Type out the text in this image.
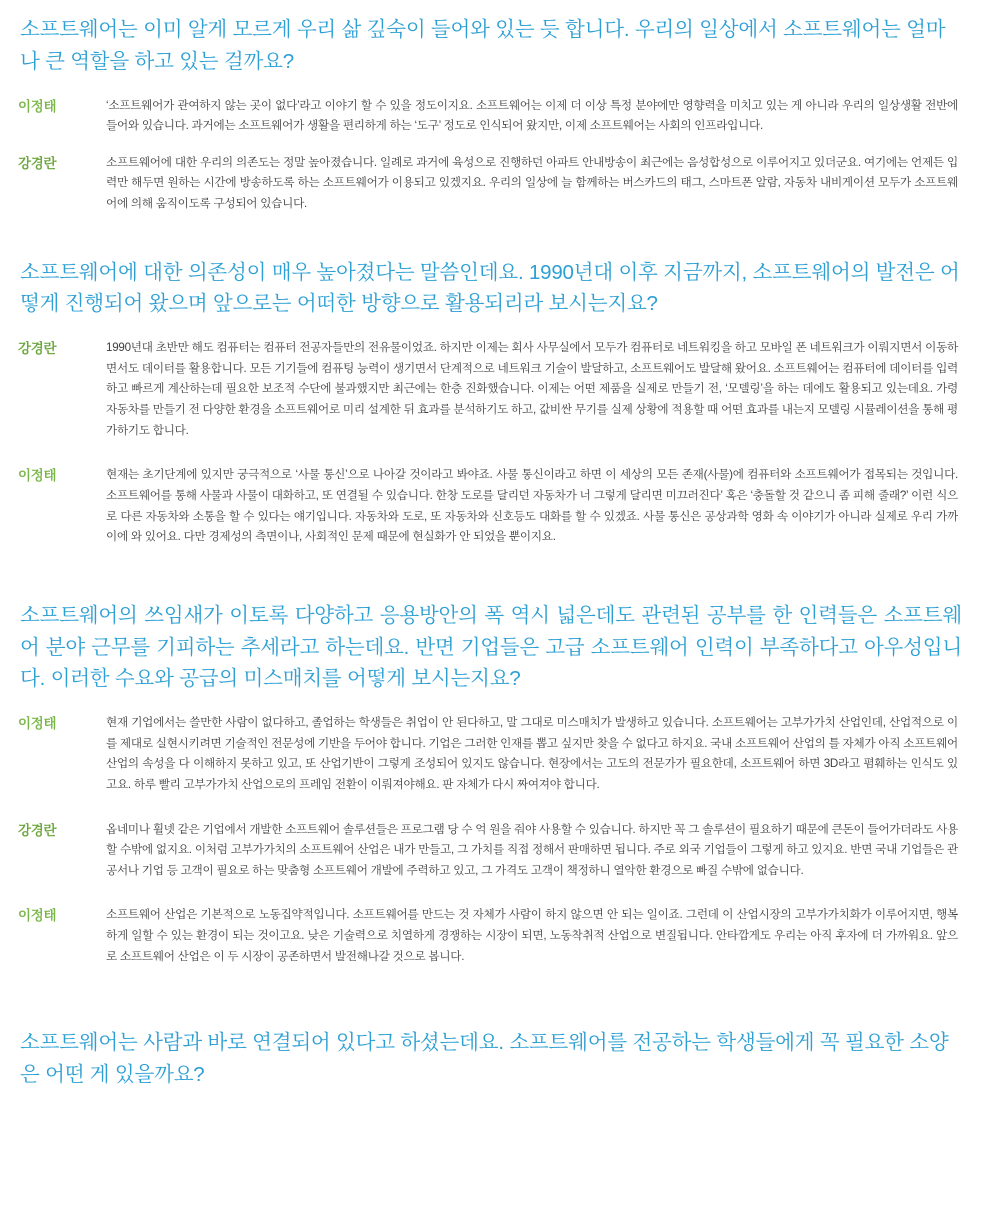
소프트웨어는 이미 알게 모르게 우리 삶 깊숙이 들어와 있는 듯 합니다. 우리의 일상에서 소프트웨어는 얼마나 큰 역할을 하고 있는 걸까요?

이정태	‘소프트웨어가 관여하지 않는 곳이 없다’라고 이야기 할 수 있을 정도이지요. 소프트웨어는 이제 더 이상 특정 분야에만 영향력을 미치고 있는 게 아니라 우리의 일상생활 전반에 들어와 있습니다. 과거에는 소프트웨어가 생활을 편리하게 하는 ‘도구’ 정도로 인식되어 왔지만, 이제 소프트웨어는 사회의 인프라입니다.
강경란	소프트웨어에 대한 우리의 의존도는 정말 높아졌습니다. 일례로 과거에 육성으로 진행하던 아파트 안내방송이 최근에는 음성합성으로 이루어지고 있더군요. 여기에는 언제든 입력만 해두면 원하는 시간에 방송하도록 하는 소프트웨어가 이용되고 있겠지요. 우리의 일상에 늘 함께하는 버스카드의 태그, 스마트폰 알람, 자동차 내비게이션 모두가 소프트웨어에 의해 움직이도록 구성되어 있습니다.

소프트웨어에 대한 의존성이 매우 높아졌다는 말씀인데요. 1990년대 이후 지금까지, 소프트웨어의 발전은 어떻게 진행되어 왔으며 앞으로는 어떠한 방향으로 활용되리라 보시는지요?

강경란	1990년대 초반만 해도 컴퓨터는 컴퓨터 전공자들만의 전유물이었죠. 하지만 이제는 회사 사무실에서 모두가 컴퓨터로 네트워킹을 하고 모바일 폰 네트워크가 이뤄지면서 이동하면서도 데이터를 활용합니다. 모든 기기들에 컴퓨팅 능력이 생기면서 단계적으로 네트워크 기술이 발달하고, 소프트웨어도 발달해 왔어요. 소프트웨어는 컴퓨터에 데이터를 입력하고 빠르게 계산하는데 필요한 보조적 수단에 불과했지만 최근에는 한층 진화했습니다. 이제는 어떤 제품을 실제로 만들기 전, ‘모델링’을 하는 데에도 활용되고 있는데요. 가령 자동차를 만들기 전 다양한 환경을 소프트웨어로 미리 설계한 뒤 효과를 분석하기도 하고, 값비싼 무기를 실제 상황에 적용할 때 어떤 효과를 내는지 모델링 시뮬레이션을 통해 평가하기도 합니다.
이정태	현재는 초기단계에 있지만 궁극적으로 ‘사물 통신’으로 나아갈 것이라고 봐야죠. 사물 통신이라고 하면 이 세상의 모든 존재(사물)에 컴퓨터와 소프트웨어가 접목되는 것입니다. 소프트웨어를 통해 사물과 사물이 대화하고, 또 연결될 수 있습니다. 한창 도로를 달리던 자동차가 너 그렇게 달리면 미끄러진다’ 혹은 ‘충돌할 것 같으니 좀 피해 줄래?’ 이런 식으로 다른 자동차와 소통을 할 수 있다는 얘기입니다. 자동차와 도로, 또 자동차와 신호등도 대화를 할 수 있겠죠. 사물 통신은 공상과학 영화 속 이야기가 아니라 실제로 우리 가까이에 와 있어요. 다만 경제성의 측면이나, 사회적인 문제 때문에 현실화가 안 되었을 뿐이지요.

소프트웨어의 쓰임새가 이토록 다양하고 응용방안의 폭 역시 넓은데도 관련된 공부를 한 인력들은 소프트웨어 분야 근무를 기피하는 추세라고 하는데요. 반면 기업들은 고급 소프트웨어 인력이 부족하다고 아우성입니다. 이러한 수요와 공급의 미스매치를 어떻게 보시는지요?

이정태	현재 기업에서는 쓸만한 사람이 없다하고, 졸업하는 학생들은 취업이 안 된다하고, 말 그대로 미스매치가 발생하고 있습니다. 소프트웨어는 고부가가치 산업인데, 산업적으로 이를 제대로 실현시키려면 기술적인 전문성에 기반을 두어야 합니다. 기업은 그러한 인재를 뽑고 싶지만 찾을 수 없다고 하지요. 국내 소프트웨어 산업의 틀 자체가 아직 소프트웨어 산업의 속성을 다 이해하지 못하고 있고, 또 산업기반이 그렇게 조성되어 있지도 않습니다. 현장에서는 고도의 전문가가 필요한데, 소프트웨어 하면 3D라고 폄훼하는 인식도 있고요. 하루 빨리 고부가가치 산업으로의 프레임 전환이 이뤄져야해요. 판 자체가 다시 짜여져야 합니다.
강경란	옵네미나 휠넷 같은 기업에서 개발한 소프트웨어 솔루션들은 프로그램 당 수 억 원을 줘야 사용할 수 있습니다. 하지만 꼭 그 솔루션이 필요하기 때문에 큰돈이 들어가더라도 사용할 수밖에 없지요. 이처럼 고부가가치의 소프트웨어 산업은 내가 만들고, 그 가치를 직접 정해서 판매하면 됩니다. 주로 외국 기업들이 그렇게 하고 있지요. 반면 국내 기업들은 관공서나 기업 등 고객이 필요로 하는 맞춤형 소프트웨어 개발에 주력하고 있고, 그 가격도 고객이 책정하니 열악한 환경으로 빠질 수밖에 없습니다.
이정태	소프트웨어 산업은 기본적으로 노동집약적입니다. 소프트웨어를 만드는 것 자체가 사람이 하지 않으면 안 되는 일이죠. 그런데 이 산업시장의 고부가가치화가 이루어지면, 행복하게 일할 수 있는 환경이 되는 것이고요. 낮은 기술력으로 치열하게 경쟁하는 시장이 되면, 노동착취적 산업으로 변질됩니다. 안타깝게도 우리는 아직 후자에 더 가까워요. 앞으로 소프트웨어 산업은 이 두 시장이 공존하면서 발전해나갈 것으로 봅니다.

소프트웨어는 사람과 바로 연결되어 있다고 하셨는데요. 소프트웨어를 전공하는 학생들에게 꼭 필요한 소양은 어떤 게 있을까요?
